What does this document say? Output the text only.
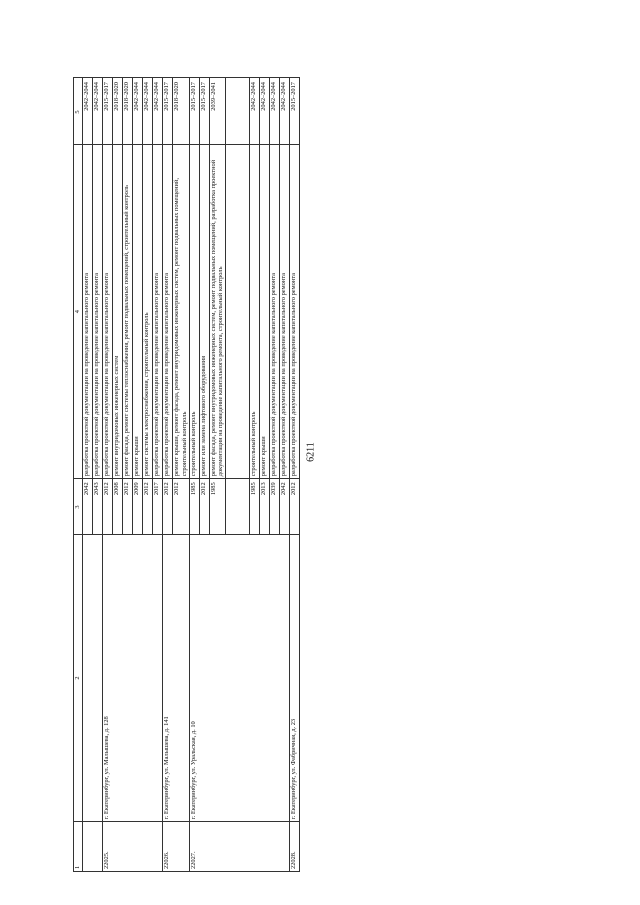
6211
1	2	3	4	5
		2042	разработка проектной документации на проведение капитального ремонта	2042–2044
		2043	разработка проектной документации на проведение капитального ремонта	2042–2044
22025.	г. Екатеринбург, ул. Малышева, д. 128	2012	разработка проектной документации на проведение капитального ремонта	2015–2017
		2008	ремонт внутридомовых инженерных систем	2018–2020
		2012	ремонт фасада, ремонт системы теплоснабжения, ремонт подвальных помещений, строительный контроль	2018–2020
		2009	ремонт крыши	2042–2044
		2012	ремонт системы электроснабжения, строительный контроль	2042–2044
		2017	разработка проектной документации на проведение капитального ремонта	2042–2044
22026.	г. Екатеринбург, ул. Малышева, д. 141	2012	разработка проектной документации на проведение капитального ремонта	2015–2017
		2012	ремонт крыши, ремонт фасада, ремонт внутридомовых инженерных систем, ремонт подвальных помещений, строительный контроль	2018–2020
22027.	г. Екатеринбург, ул. Уральская, д. 10	1985	строительный контроль	2015–2017
		2012	ремонт или замена лифтового оборудования	2015–2017
		1985	ремонт фасада, ремонт внутридомовых инженерных систем, ремонт подвальных помещений, разработка проектной документации на проведение капитального ремонта, строительный контроль	2039–2041

		1985	строительный контроль	2042–2044
		2013	ремонт крыши	2042–2044
		2039	разработка проектной документации на проведение капитального ремонта	2042–2044
		2042	разработка проектной документации на проведение капитального ремонта	2042–2044
22028.	г. Екатеринбург, ул. Фабричная, д. 23	2012	разработка проектной документации на проведение капитального ремонта	2015–2017
